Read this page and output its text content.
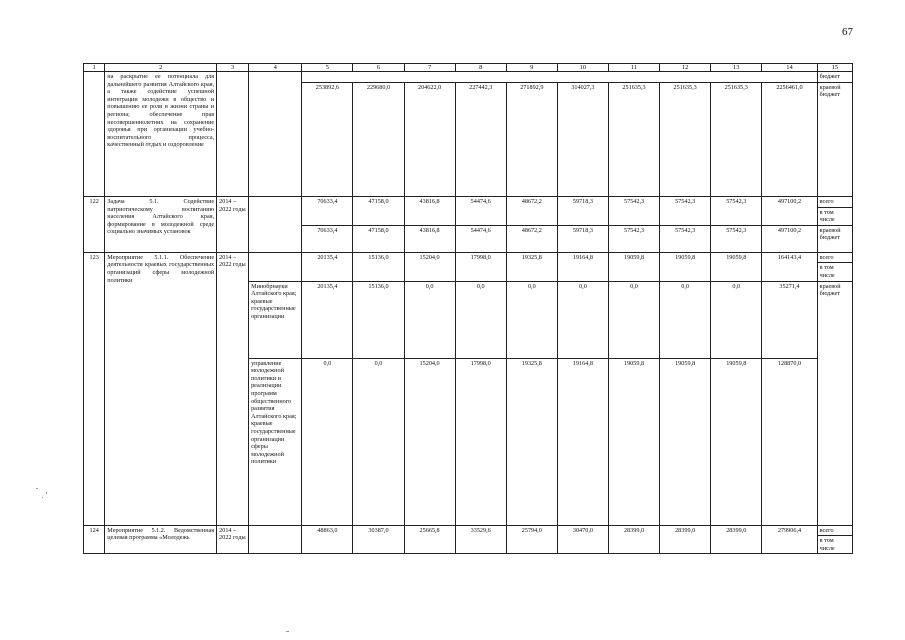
67
1	2	3	4	5	6	7	8	9	10	11	12	13	14	15
	на раскрытие ее потенциала для дальнейшего развития Алтайского края, а также содействие успешной интеграции молодежи в общество и повышению ее роли в жизни страны и региона; обеспечение прав несовершеннолетних на сохранение здоровья при организации учебно-воспитательного процесса, качественный отдых и оздоровление													бюджет
				253892,6	229680,0	204622,0	227442,3	271892,9	314027,3	251635,3	251635,3	251635,3	2256461,0	краевой бюджет
122	Задача 5.1. Содействие патриотическому воспитанию населения Алтайского края, формирование в молодежной среде социально значимых установок	2014 – 2022 годы		70633,4	47158,0	43816,8	54474,6	48672,2	59718,3	57542,3	57542,3	57542,3	497100,2	всего
														в том числе
				70633,4	47158,0	43816,8	54474,6	48672,2	59718,3	57542,3	57542,3	57542,3	497100,2	краевой бюджет
123	Мероприятие 5.1.1. Обеспечение деятельности краевых государственных организаций сферы молодежной политики	2014 – 2022 годы		20135,4	15136,0	15204,0	17998,0	19325,8	19164,8	19059,8	19059,8	19059,8	164143,4	всего
														в том числе
			Минобрнауки Алтайского края; краевые государственные организации	20135,4	15136,0	0,0	0,0	0,0	0,0	0,0	0,0	0,0	35271,4	краевой бюджет
			управление молодежной политики и реализации программ общественного развития Алтайского края; краевые государственные организации сферы молодежной политики	0,0	0,0	15204,0	17998,0	19325,8	19164,8	19059,8	19059,8	19059,8	128870,0	
124	Мероприятие 5.1.2. Ведомственная целевая программа «Молодежь	2014 – 2022 годы		48863,0	30387,0	25665,8	33529,6	25794,0	30470,0	28399,0	28399,0	28399,0	279906,4	всего
														в том числе
